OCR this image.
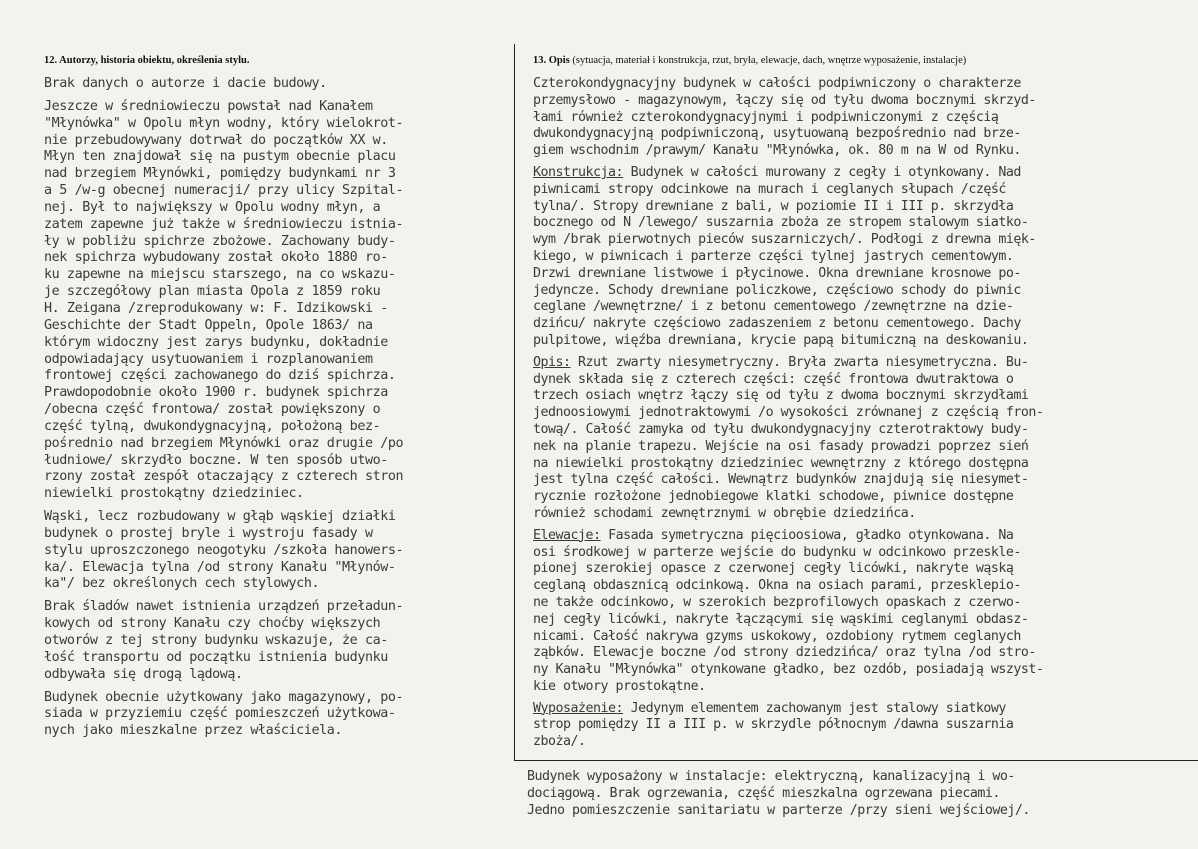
12. Autorzy, historia obiektu, określenia stylu.	13. Opis (sytuacja, materiał i konstrukcja, rzut, bryła, elewacje, dach, wnętrze wyposażenie, instalacje)
Brak danych o autorze i dacie budowy.
Jeszcze w średniowieczu powstał nad Kanałem
"Młynówka" w Opolu młyn wodny, który wielokrot-
nie przebudowywany dotrwał do początków XX w.
Młyn ten znajdował się na pustym obecnie placu
nad brzegiem Młynówki, pomiędzy budynkami nr 3
a 5 /w-g obecnej numeracji/ przy ulicy Szpital-
nej. Był to największy w Opolu wodny młyn, a
zatem zapewne już także w średniowieczu istnia-
ły w pobliżu spichrze zbożowe. Zachowany budy-
nek spichrza wybudowany został około 1880 ro-
ku zapewne na miejscu starszego, na co wskazu-
je szczegółowy plan miasta Opola z 1859 roku
H. Zeigana /zreprodukowany w: F. Idzikowski -
Geschichte der Stadt Oppeln, Opole 1863/ na
którym widoczny jest zarys budynku, dokładnie
odpowiadający usytuowaniem i rozplanowaniem
frontowej części zachowanego do dziś spichrza.
Prawdopodobnie około 1900 r. budynek spichrza
/obecna część frontowa/ został powiększony o
część tylną, dwukondygnacyjną, położoną bez-
pośrednio nad brzegiem Młynówki oraz drugie /po
łudniowe/ skrzydło boczne. W ten sposób utwo-
rzony został zespół otaczający z czterech stron
niewielki prostokątny dziedziniec.
Wąski, lecz rozbudowany w głąb wąskiej działki
budynek o prostej bryle i wystroju fasady w
stylu uproszczonego neogotyku /szkoła hanowers-
ka/. Elewacja tylna /od strony Kanału "Młynów-
ka"/ bez określonych cech stylowych.
Brak śladów nawet istnienia urządzeń przeładun-
kowych od strony Kanału czy choćby większych
otworów z tej strony budynku wskazuje, że ca-
łość transportu od początku istnienia budynku
odbywała się drogą lądową.
Budynek obecnie użytkowany jako magazynowy, po-
siada w przyziemiu część pomieszczeń użytkowa-
nych jako mieszkalne przez właściciela.
Czterokondygnacyjny budynek w całości podpiwniczony o charakterze
przemysłowo - magazynowym, łączy się od tyłu dwoma bocznymi skrzyd-
łami również czterokondygnacyjnymi i podpiwniczonymi z częścią
dwukondygnacyjną podpiwniczoną, usytuowaną bezpośrednio nad brze-
giem wschodnim /prawym/ Kanału "Młynówka, ok. 80 m na W od Rynku.
Konstrukcja: Budynek w całości murowany z cegły i otynkowany. Nad
piwnicami stropy odcinkowe na murach i ceglanych słupach /część
tylna/. Stropy drewniane z bali, w poziomie II i III p. skrzydła
bocznego od N /lewego/ suszarnia zboża ze stropem stalowym siatko-
wym /brak pierwotnych pieców suszarniczych/. Podłogi z drewna mięk-
kiego, w piwnicach i parterze części tylnej jastrych cementowym.
Drzwi drewniane listwowe i płycinowe. Okna drewniane krosnowe po-
jedyncze. Schody drewniane policzkowe, częściowo schody do piwnic
ceglane /wewnętrzne/ i z betonu cementowego /zewnętrzne na dzie-
dzińcu/ nakryte częściowo zadaszeniem z betonu cementowego. Dachy
pulpitowe, więźba drewniana, krycie papą bitumiczną na deskowaniu.
Opis: Rzut zwarty niesymetryczny. Bryła zwarta niesymetryczna. Bu-
dynek składa się z czterech części: część frontowa dwutraktowa o
trzech osiach wnętrz łączy się od tyłu z dwoma bocznymi skrzydłami
jednoosiowymi jednotraktowymi /o wysokości zrównanej z częścią fron-
tową/. Całość zamyka od tyłu dwukondygnacyjny czterotraktowy budy-
nek na planie trapezu. Wejście na osi fasady prowadzi poprzez sień
na niewielki prostokątny dziedziniec wewnętrzny z którego dostępna
jest tylna część całości. Wewnątrz budynków znajdują się niesymet-
rycznie rozłożone jednobiegowe klatki schodowe, piwnice dostępne
również schodami zewnętrznymi w obrębie dziedzińca.
Elewacje: Fasada symetryczna pięcioosiowa, gładko otynkowana. Na
osi środkowej w parterze wejście do budynku w odcinkowo przeskle-
pionej szerokiej opasce z czerwonej cegły licówki, nakryte wąską
ceglaną obdasznicą odcinkową. Okna na osiach parami, przesklepio-
ne także odcinkowo, w szerokich bezprofilowych opaskach z czerwo-
nej cegły licówki, nakryte łączącymi się wąskimi ceglanymi obdasz-
nicami. Całość nakrywa gzyms uskokowy, ozdobiony rytmem ceglanych
ząbków. Elewacje boczne /od strony dziedzińca/ oraz tylna /od stro-
ny Kanału "Młynówka" otynkowane gładko, bez ozdób, posiadają wszyst-
kie otwory prostokątne.
Wyposażenie: Jedynym elementem zachowanym jest stalowy siatkowy
strop pomiędzy II a III p. w skrzydle północnym /dawna suszarnia
zboża/.
Budynek wyposażony w instalacje: elektryczną, kanalizacyjną i wo-
dociągową. Brak ogrzewania, część mieszkalna ogrzewana piecami.
Jedno pomieszczenie sanitariatu w parterze /przy sieni wejściowej/.
